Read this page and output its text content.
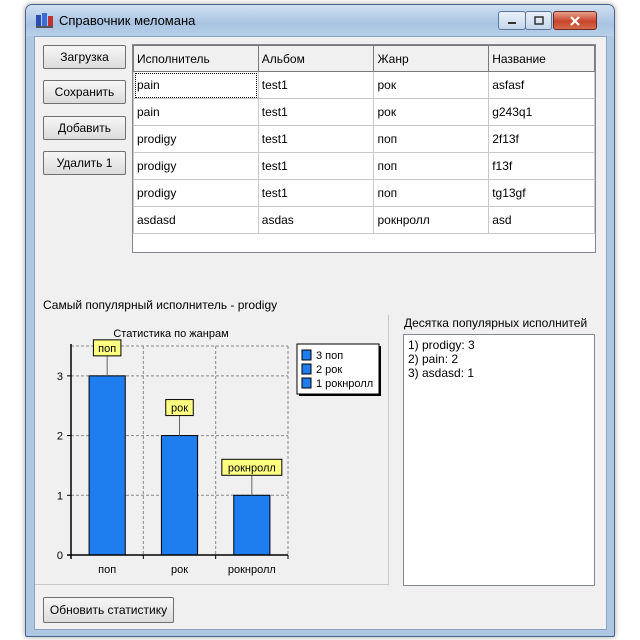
Справочник меломана
Загрузка
Сохранить
Добавить
Удалить 1
Исполнитель	Альбом	Жанр	Название
pain	test1	рок	asfasf
pain	test1	рок	g243q1
prodigy	test1	поп	2f13f
prodigy	test1	поп	f13f
prodigy	test1	поп	tg13gf
asdasd	asdas	рокнролл	asd
Самый популярный исполнитель - prodigy
Десятка популярных исполнитей
Статистика по жанрам
поп
рок
рокнролл
поп	рок	рокнролл
0
1
2
3
3 поп
2 рок
1 рокнролл
1) prodigy: 3
2) pain: 2
3) asdasd: 1
Обновить статистику
